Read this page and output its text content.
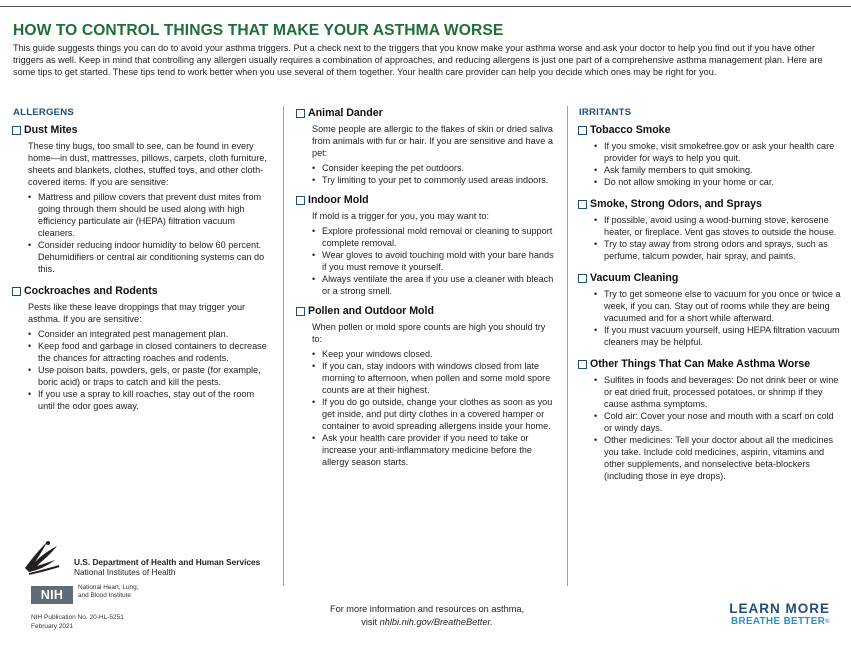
HOW TO CONTROL THINGS THAT MAKE YOUR ASTHMA WORSE
This guide suggests things you can do to avoid your asthma triggers. Put a check next to the triggers that you know make your asthma worse and ask your doctor to help you find out if you have other triggers as well. Keep in mind that controlling any allergen usually requires a combination of approaches, and reducing allergens is just one part of a comprehensive asthma management plan. Here are some tips to get started. These tips tend to work better when you use several of them together. Your health care provider can help you decide which ones may be right for you.
ALLERGENS
Dust Mites
These tiny bugs, too small to see, can be found in every home—in dust, mattresses, pillows, carpets, cloth furniture, sheets and blankets, clothes, stuffed toys, and other cloth-covered items. If you are sensitive:
• Mattress and pillow covers that prevent dust mites from going through them should be used along with high efficiency particulate air (HEPA) filtration vacuum cleaners.
• Consider reducing indoor humidity to below 60 percent. Dehumidifiers or central air conditioning systems can do this.
Cockroaches and Rodents
Pests like these leave droppings that may trigger your asthma. If you are sensitive:
• Consider an integrated pest management plan.
• Keep food and garbage in closed containers to decrease the chances for attracting roaches and rodents.
• Use poison baits, powders, gels, or paste (for example, boric acid) or traps to catch and kill the pests.
• If you use a spray to kill roaches, stay out of the room until the odor goes away.
Animal Dander
Some people are allergic to the flakes of skin or dried saliva from animals with fur or hair. If you are sensitive and have a pet:
• Consider keeping the pet outdoors.
• Try limiting to your pet to commonly used areas indoors.
Indoor Mold
If mold is a trigger for you, you may want to:
• Explore professional mold removal or cleaning to support complete removal.
• Wear gloves to avoid touching mold with your bare hands if you must remove it yourself.
• Always ventilate the area if you use a cleaner with bleach or a strong smell.
Pollen and Outdoor Mold
When pollen or mold spore counts are high you should try to:
• Keep your windows closed.
• If you can, stay indoors with windows closed from late morning to afternoon, when pollen and some mold spore counts are at their highest.
• If you do go outside, change your clothes as soon as you get inside, and put dirty clothes in a covered hamper or container to avoid spreading allergens inside your home.
• Ask your health care provider if you need to take or increase your anti-inflammatory medicine before the allergy season starts.
IRRITANTS
Tobacco Smoke
• If you smoke, visit smokefree.gov or ask your health care provider for ways to help you quit.
• Ask family members to quit smoking.
• Do not allow smoking in your home or car.
Smoke, Strong Odors, and Sprays
• If possible, avoid using a wood-burning stove, kerosene heater, or fireplace. Vent gas stoves to outside the house.
• Try to stay away from strong odors and sprays, such as perfume, talcum powder, hair spray, and paints.
Vacuum Cleaning
• Try to get someone else to vacuum for you once or twice a week, if you can. Stay out of rooms while they are being vacuumed and for a short while afterward.
• If you must vacuum yourself, using HEPA filtration vacuum cleaners may be helpful.
Other Things That Can Make Asthma Worse
• Sulfites in foods and beverages: Do not drink beer or wine or eat dried fruit, processed potatoes, or shrimp if they cause asthma symptoms.
• Cold air: Cover your nose and mouth with a scarf on cold or windy days.
• Other medicines: Tell your doctor about all the medicines you take. Include cold medicines, aspirin, vitamins and other supplements, and nonselective beta-blockers (including those in eye drops).
U.S. Department of Health and Human Services
National Institutes of Health
NIH
National Heart, Lung,
and Blood Institute
NIH Publication No. 20-HL-5251
February 2021
For more information and resources on asthma,
visit nhlbi.nih.gov/BreatheBetter.
LEARN MORE
BREATHE BETTER®
